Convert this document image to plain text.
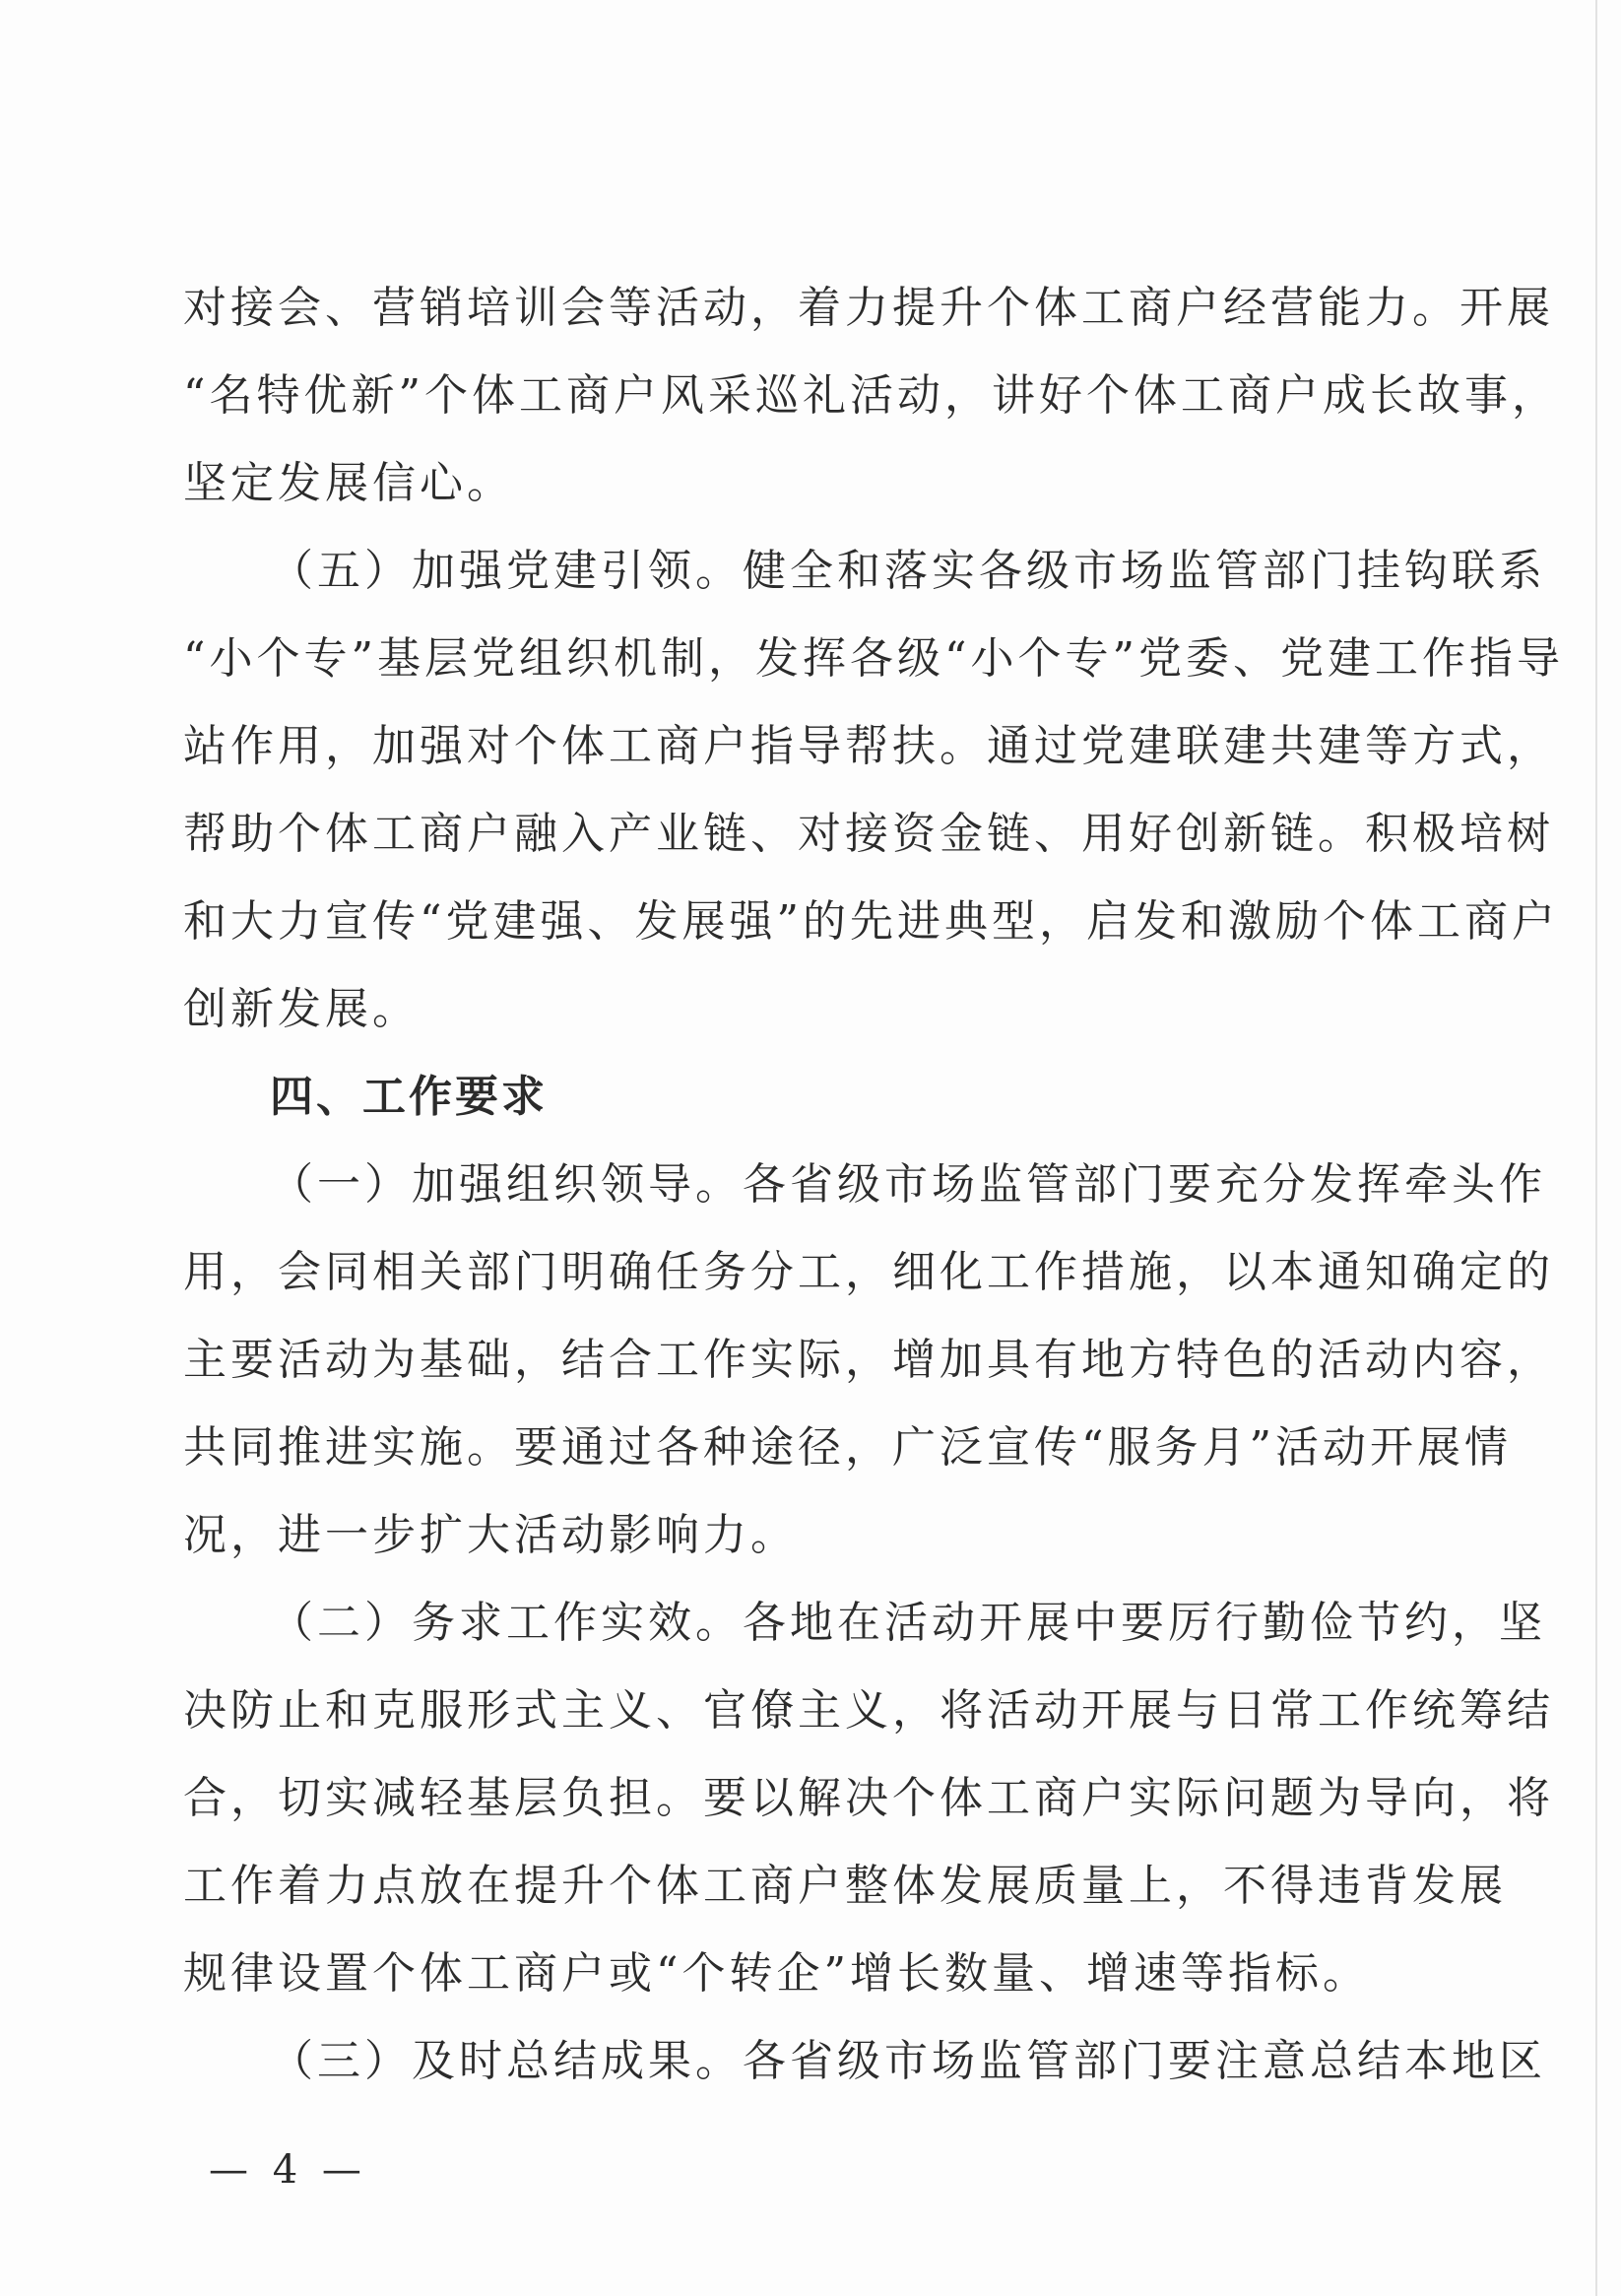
对接会、营销培训会等活动，着力提升个体工商户经营能力。开展
“名特优新”个体工商户风采巡礼活动，讲好个体工商户成长故事，
坚定发展信心。
（五）加强党建引领。健全和落实各级市场监管部门挂钩联系
“小个专”基层党组织机制，发挥各级“小个专”党委、党建工作指导
站作用，加强对个体工商户指导帮扶。通过党建联建共建等方式，
帮助个体工商户融入产业链、对接资金链、用好创新链。积极培树
和大力宣传“党建强、发展强”的先进典型，启发和激励个体工商户
创新发展。
四、工作要求
（一）加强组织领导。各省级市场监管部门要充分发挥牵头作
用，会同相关部门明确任务分工，细化工作措施，以本通知确定的
主要活动为基础，结合工作实际，增加具有地方特色的活动内容，
共同推进实施。要通过各种途径，广泛宣传“服务月”活动开展情
况，进一步扩大活动影响力。
（二）务求工作实效。各地在活动开展中要厉行勤俭节约，坚
决防止和克服形式主义、官僚主义，将活动开展与日常工作统筹结
合，切实减轻基层负担。要以解决个体工商户实际问题为导向，将
工作着力点放在提升个体工商户整体发展质量上，不得违背发展
规律设置个体工商户或“个转企”增长数量、增速等指标。
（三）及时总结成果。各省级市场监管部门要注意总结本地区
— 4 —
